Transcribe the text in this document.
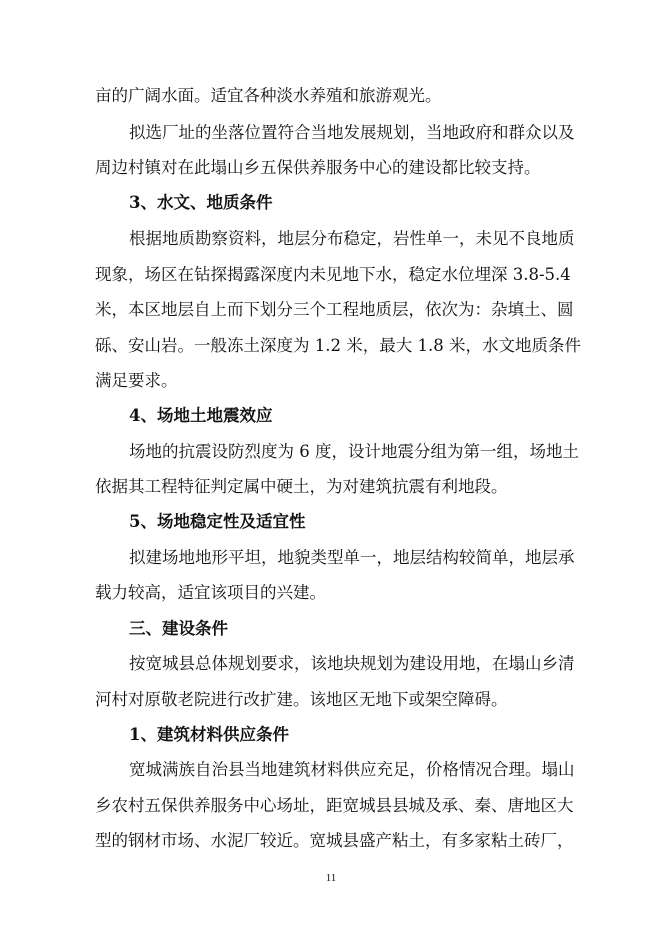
亩的广阔水面。适宜各种淡水养殖和旅游观光。
拟选厂址的坐落位置符合当地发展规划，当地政府和群众以及
周边村镇对在此塌山乡五保供养服务中心的建设都比较支持。
3、水文、地质条件
根据地质勘察资料，地层分布稳定，岩性单一，未见不良地质
现象，场区在钻探揭露深度内未见地下水，稳定水位埋深 3.8-5.4
米，本区地层自上而下划分三个工程地质层，依次为：杂填土、圆
砾、安山岩。一般冻土深度为 1.2 米，最大 1.8 米，水文地质条件
满足要求。
4、场地土地震效应
场地的抗震设防烈度为 6 度，设计地震分组为第一组，场地土
依据其工程特征判定属中硬土，为对建筑抗震有利地段。
5、场地稳定性及适宜性
拟建场地地形平坦，地貌类型单一，地层结构较简单，地层承
载力较高，适宜该项目的兴建。
三、建设条件
按宽城县总体规划要求，该地块规划为建设用地，在塌山乡清
河村对原敬老院进行改扩建。该地区无地下或架空障碍。
1、建筑材料供应条件
宽城满族自治县当地建筑材料供应充足，价格情况合理。塌山
乡农村五保供养服务中心场址，距宽城县县城及承、秦、唐地区大
型的钢材市场、水泥厂较近。宽城县盛产粘土，有多家粘土砖厂，
11
